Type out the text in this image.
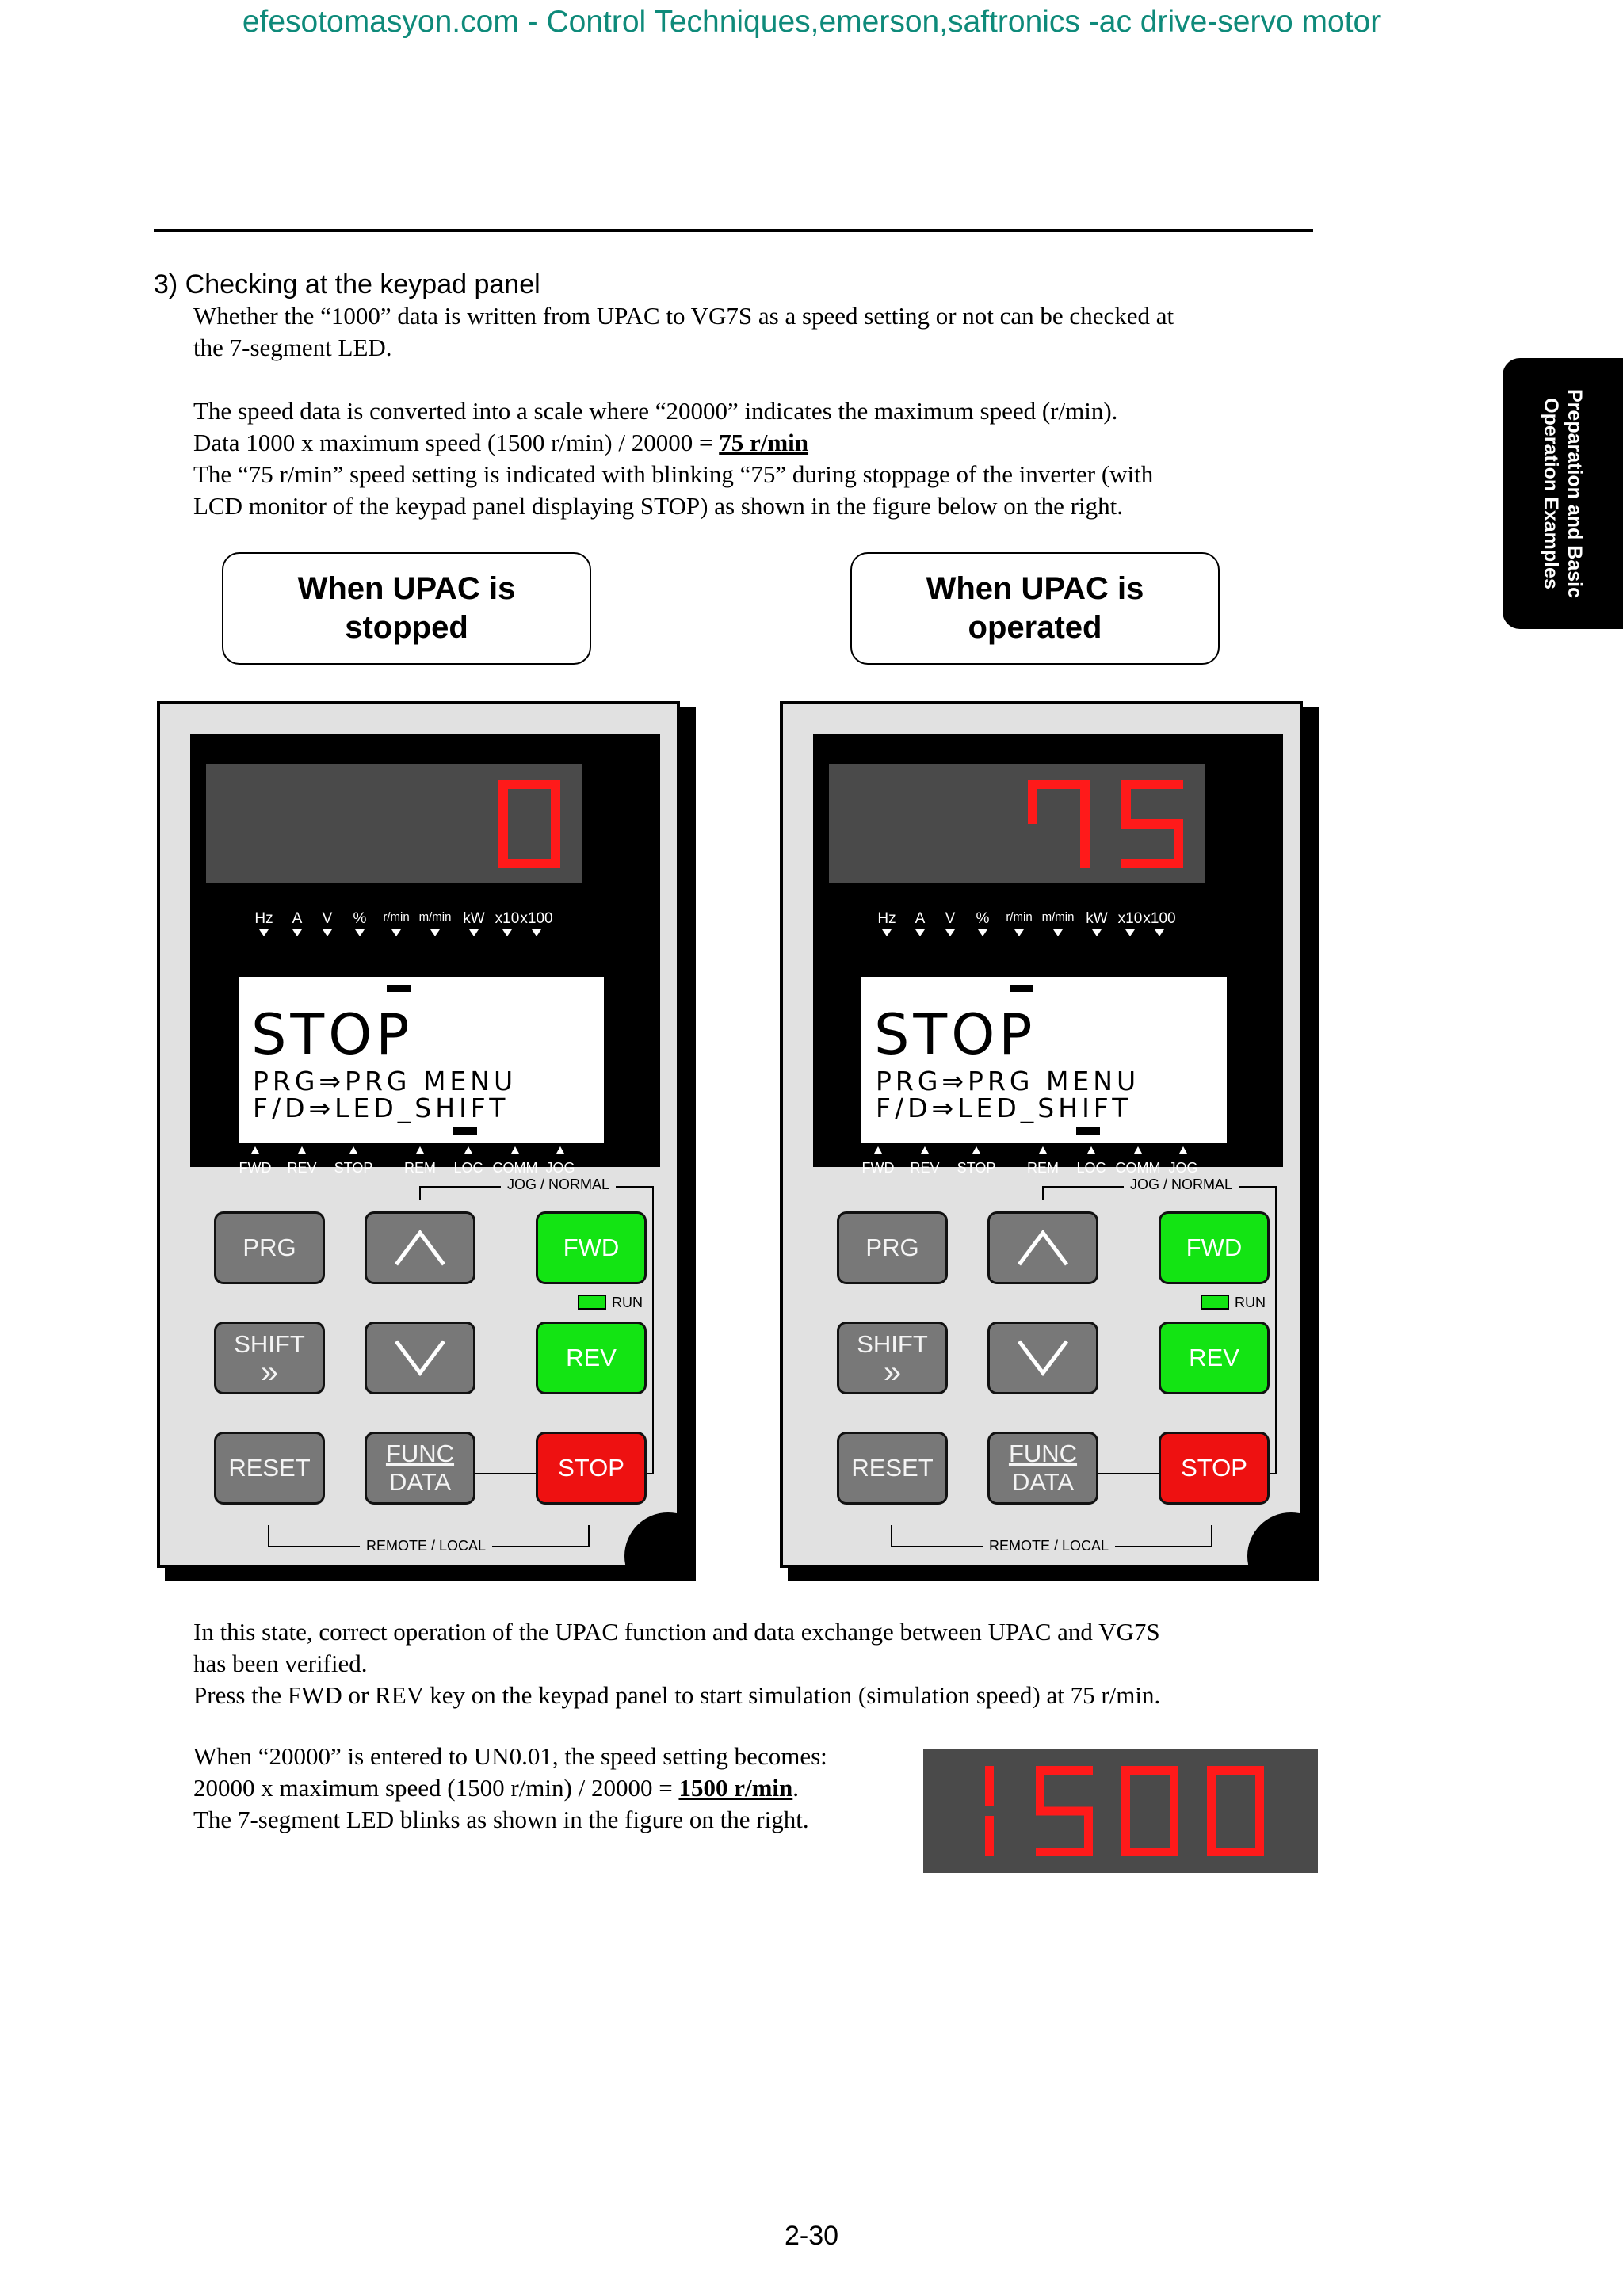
efesotomasyon.com - Control Techniques,emerson,saftronics -ac drive-servo motor
Preparation and Basic
Operation Examples
3) Checking at the keypad panel

Whether the “1000” data is written from UPAC to VG7S as a speed setting or not can be checked at

the 7-segment LED.

The speed data is converted into a scale where “20000” indicates the maximum speed (r/min).

Data 1000 x maximum speed (1500 r/min) / 20000 = 75 r/min

The “75 r/min” speed setting is indicated with blinking “75” during stoppage of the inverter (with

LCD monitor of the keypad panel displaying STOP) as shown in the figure below on the right.

When UPAC is
stopped
When UPAC is
operated

In this state, correct operation of the UPAC function and data exchange between UPAC and VG7S

has been verified.

Press the FWD or REV key on the keypad panel to start simulation (simulation speed) at 75 r/min.

When “20000” is entered to UN0.01, the speed setting becomes:

20000 x maximum speed (1500 r/min) / 20000 = 1500 r/min.

The 7-segment LED blinks as shown in the figure on the right.

2-30
Hz A V % r/min m/min kW x10 x100
STOP
PRG⇒PRG MENU
F/D⇒LED_SHIFT
FWD REV STOP REM LOC COMM JOG
JOG / NORMAL
REMOTE / LOCAL
PRG	FWD
SHIFT
»	REV
RUN
RESET
FUNC
DATA
STOP
Hz A V % r/min m/min kW x10 x100
STOP
PRG⇒PRG MENU
F/D⇒LED_SHIFT
FWD REV STOP REM LOC COMM JOG
JOG / NORMAL
REMOTE / LOCAL
PRG	FWD
SHIFT
»	REV
RUN
RESET
FUNC
DATA
STOP
